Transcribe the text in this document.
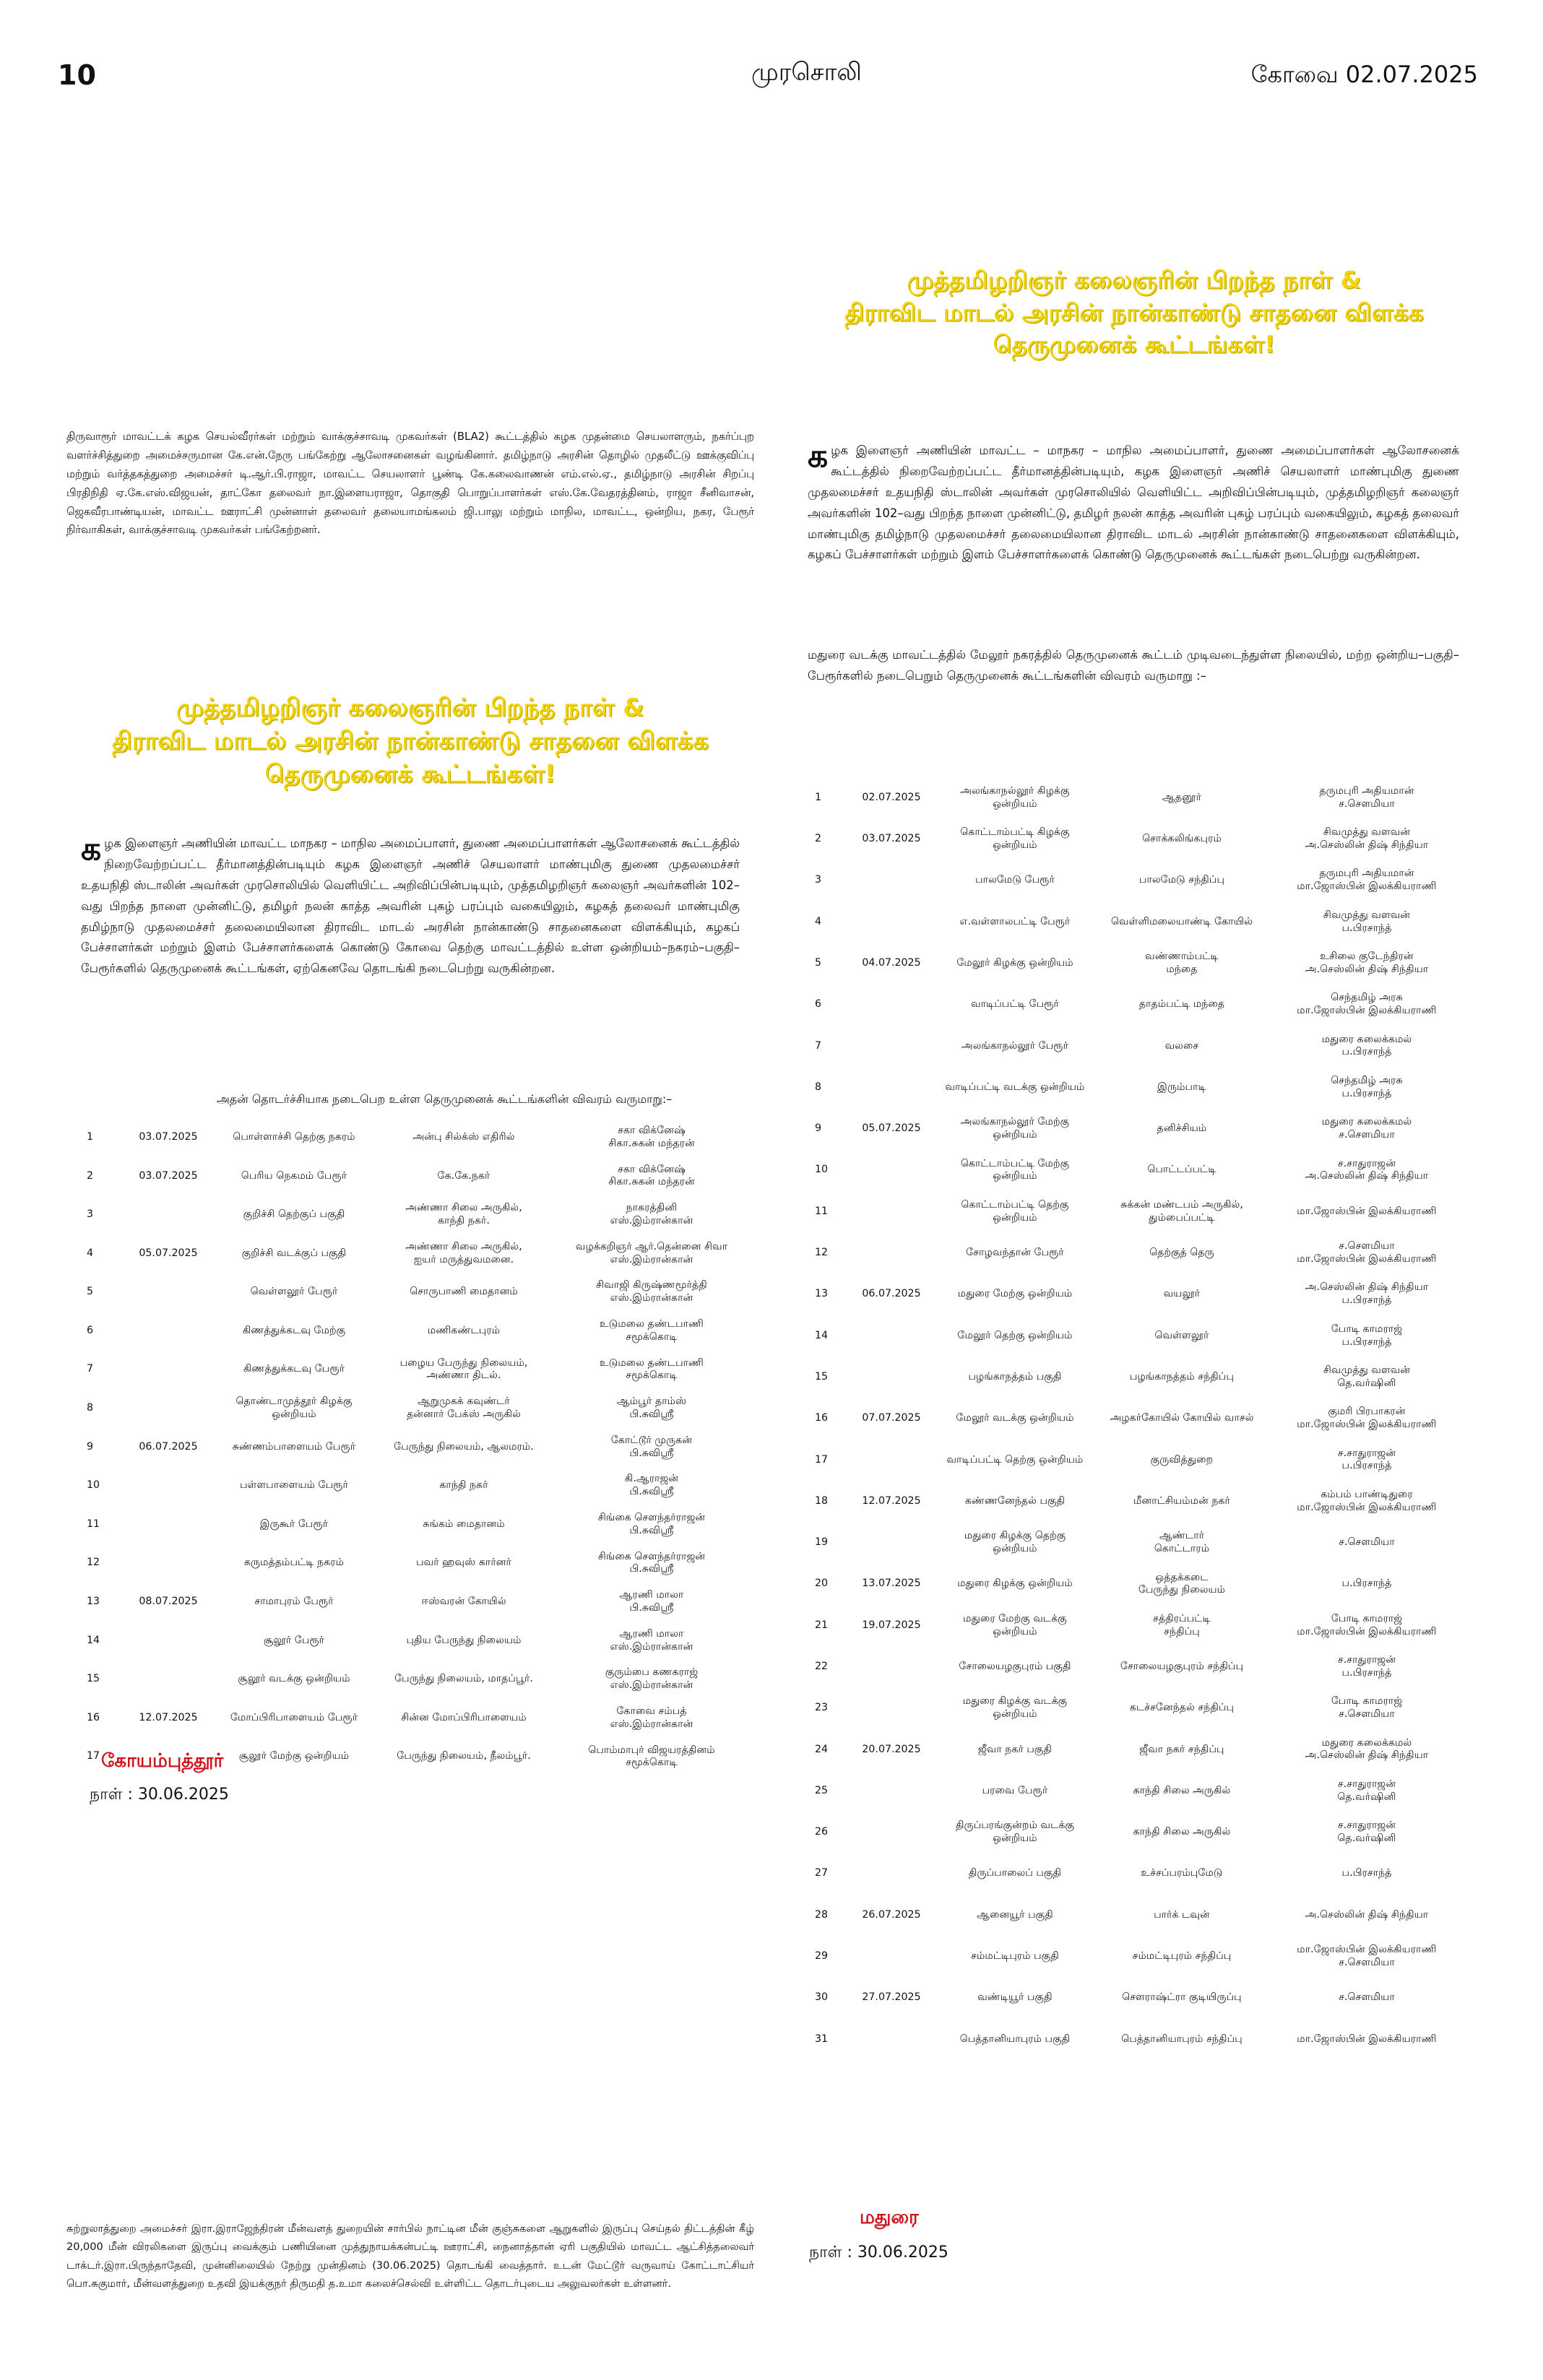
10	முரசொலி	கோவை 02.07.2025
முத்தமிழறிஞர் கலைஞரின் பிறந்த நாள் &
திராவிட மாடல் அரசின் நான்காண்டு சாதனை விளக்க
தெருமுனைக் கூட்டங்கள்!
திருவாரூர் மாவட்டக் கழக செயல்வீரர்கள் மற்றும் வாக்குச்சாவடி முகவர்கள் (BLA2) கூட்டத்தில் கழக முதன்மை செயலாளரும், நகர்ப்புற வளர்ச்சித்துறை அமைச்சருமான கே.என்.நேரு பங்கேற்று ஆலோசனைகள் வழங்கினார். தமிழ்நாடு அரசின் தொழில் முதலீட்டு ஊக்குவிப்பு மற்றும் வர்த்தகத்துறை அமைச்சர் டி.ஆர்.பி.ராஜா, மாவட்ட செயலாளர் பூண்டி கே.கலைவாணன் எம்.எல்.ஏ., தமிழ்நாடு அரசின் சிறப்பு பிரதிநிதி ஏ.கே.எஸ்.விஜயன், தாட்கோ தலைவர் நா.இளையராஜா, தொகுதி பொறுப்பாளர்கள் எஸ்.கே.வேதரத்தினம், ராஜா சீனிவாசன், ஜெகவீரபாண்டியன், மாவட்ட ஊராட்சி முன்னாள் தலைவர் தலையாமங்கலம் ஜி.பாலு மற்றும் மாநில, மாவட்ட, ஒன்றிய, நகர, பேரூர் நிர்வாகிகள், வாக்குச்சாவடி முகவர்கள் பங்கேற்றனர்.
முத்தமிழறிஞர் கலைஞரின் பிறந்த நாள் &
திராவிட மாடல் அரசின் நான்காண்டு சாதனை விளக்க
தெருமுனைக் கூட்டங்கள்!
க ழக இளைஞர் அணியின் மாவட்ட மாநகர – மாநில அமைப்பாளர், துணை அமைப்பாளர்கள் ஆலோசனைக் கூட்டத்தில் நிறைவேற்றப்பட்ட தீர்மானத்தின்படியும் கழக இளைஞர் அணிச் செயலாளர் மாண்புமிகு துணை முதலமைச்சர் உதயநிதி ஸ்டாலின் அவர்கள் முரசொலியில் வெளியிட்ட அறிவிப்பின்படியும், முத்தமிழறிஞர் கலைஞர் அவர்களின் 102–வது பிறந்த நாளை முன்னிட்டு, தமிழர் நலன் காத்த அவரின் புகழ் பரப்பும் வகையிலும், கழகத் தலைவர் மாண்புமிகு தமிழ்நாடு முதலமைச்சர் தலைமையிலான திராவிட மாடல் அரசின் நான்காண்டு சாதனைகளை விளக்கியும், கழகப் பேச்சாளர்கள் மற்றும் இளம் பேச்சாளர்களைக் கொண்டு கோவை தெற்கு மாவட்டத்தில் உள்ள ஒன்றியம்–நகரம்–பகுதி–பேரூர்களில் தெருமுனைக் கூட்டங்கள், ஏற்கெனவே தொடங்கி நடைபெற்று வருகின்றன.
அதன் தொடர்ச்சியாக நடைபெற உள்ள தெருமுனைக் கூட்டங்களின் விவரம் வருமாறு:–
1	03.07.2025	பொள்ளாச்சி தெற்கு நகரம்	அன்பு சில்க்ஸ் எதிரில்	சகா விக்னேஷ்
சிகா.சுகன் மந்தரன்
2	03.07.2025	பெரிய நெகமம் பேரூர்	கே.கே.நகர்	சகா விக்னேஷ்
சிகா.சுகன் மந்தரன்
3		குறிச்சி தெற்குப் பகுதி	அண்ணா சிலை அருகில்,
காந்தி நகர்.	நாகரத்தினி
எஸ்.இம்ரான்கான்
4	05.07.2025	குறிச்சி வடக்குப் பகுதி	அண்ணா சிலை அருகில்,
ஐயர் மருத்துவமனை.	வழக்கறிஞர் ஆர்.தென்னை சிவா
எஸ்.இம்ரான்கான்
5		வெள்ளலூர் பேரூர்	சொருபாணி மைதானம்	சிவாஜி கிருஷ்ணமூர்த்தி
எஸ்.இம்ரான்கான்
6		கிணத்துக்கடவு மேற்கு	மணிகண்டபுரம்	உடுமலை தண்டபாணி
சமூக்கொடி
7		கிணத்துக்கடவு பேரூர்	பழைய பேருந்து நிலையம்,
அண்ணா திடல்.	உடுமலை தண்டபாணி
சமூக்கொடி
8		தொண்டாமுத்தூர் கிழக்கு
ஒன்றியம்	ஆறுமுகக் கவுண்டர்
தன்னார் பேக்ஸ் அருகில்	ஆம்பூர் தாம்ஸ்
பி.சுவிஸ்ரீ
9	06.07.2025	சுண்ணம்பாளையம் பேரூர்	பேருந்து நிலையம், ஆலமரம்.	கோட்டூர் முருகன்
பி.சுவிஸ்ரீ
10		பள்ளபாளையம் பேரூர்	காந்தி நகர்	கி.ஆராஜன்
பி.சுவிஸ்ரீ
11		இருகூர் பேரூர்	சுங்கம் மைதானம்	சிங்கை சௌந்தர்ராஜன்
பி.சுவிஸ்ரீ
12		கருமத்தம்பட்டி நகரம்	பவர் ஹவுஸ் கார்னர்	சிங்கை சௌந்தர்ராஜன்
பி.சுவிஸ்ரீ
13	08.07.2025	சாமாபுரம் பேரூர்	ஈஸ்வரன் கோயில்	ஆரணி மாலா
பி.சுவிஸ்ரீ
14		சூலூர் பேரூர்	புதிய பேருந்து நிலையம்	ஆரணி மாலா
எஸ்.இம்ரான்கான்
15		சூலூர் வடக்கு ஒன்றியம்	பேருந்து நிலையம், மாதப்பூர்.	குரும்பை கணகராஜ்
எஸ்.இம்ரான்கான்
16	12.07.2025	மோப்பிரிபாளையம் பேரூர்	சின்ன மோப்பிரிபாளையம்	கோவை சம்பத்
எஸ்.இம்ரான்கான்
17		சூலூர் மேற்கு ஒன்றியம்	பேருந்து நிலையம், நீலம்பூர்.	பொம்மாபுர் விஜயரத்தினம்
சமூக்கொடி
கோயம்புத்தூர்
நாள் : 30.06.2025
க ழக இளைஞர் அணியின் மாவட்ட – மாநகர – மாநில அமைப்பாளர், துணை அமைப்பாளர்கள் ஆலோசனைக் கூட்டத்தில் நிறைவேற்றப்பட்ட தீர்மானத்தின்படியும், கழக இளைஞர் அணிச் செயலாளர் மாண்புமிகு துணை முதலமைச்சர் உதயநிதி ஸ்டாலின் அவர்கள் முரசொலியில் வெளியிட்ட அறிவிப்பின்படியும், முத்தமிழறிஞர் கலைஞர் அவர்களின் 102–வது பிறந்த நாளை முன்னிட்டு, தமிழர் நலன் காத்த அவரின் புகழ் பரப்பும் வகையிலும், கழகத் தலைவர் மாண்புமிகு தமிழ்நாடு முதலமைச்சர் தலைமையிலான திராவிட மாடல் அரசின் நான்காண்டு சாதனைகளை விளக்கியும், கழகப் பேச்சாளர்கள் மற்றும் இளம் பேச்சாளர்களைக் கொண்டு தெருமுனைக் கூட்டங்கள் நடைபெற்று வருகின்றன.
மதுரை வடக்கு மாவட்டத்தில் மேலூர் நகரத்தில் தெருமுனைக் கூட்டம் முடிவடைந்துள்ள நிலையில், மற்ற ஒன்றிய–பகுதி–பேரூர்களில் நடைபெறும் தெருமுனைக் கூட்டங்களின் விவரம் வருமாறு :–
1	02.07.2025	அலங்காநல்லூர் கிழக்கு
ஒன்றியம்	ஆதனூர்	தருமபுரி அதியமான்
ச.சௌமியா
2	03.07.2025	கொட்டாம்பட்டி கிழக்கு
ஒன்றியம்	சொக்கலிங்கபுரம்	சிவமுத்து வளவன்
அ.செஸ்லின் திஷ் சிந்தியா
3		பாலமேடு பேரூர்	பாலமேடு சந்திப்பு	தருமபுரி அதியமான்
மா.ஜோஸ்பின் இலக்கியராணி
4		எ.வள்ளாலபட்டி பேரூர்	வெள்ளிமலையாண்டி கோயில்	சிவமுத்து வளவன்
ப.பிரசாந்த்
5	04.07.2025	மேலூர் கிழக்கு ஒன்றியம்	வண்ணாம்பட்டி
மந்தை	உசிலை குடேந்திரன்
அ.செஸ்லின் திஷ் சிந்தியா
6		வாடிப்பட்டி பேரூர்	தாதம்பட்டி மந்தை	செந்தமிழ் அரசு
மா.ஜோஸ்பின் இலக்கியராணி
7		அலங்காநல்லூர் பேரூர்	வலசை	மதுரை கலைக்கமல்
ப.பிரசாந்த்
8		வாடிப்பட்டி வடக்கு ஒன்றியம்	இரும்பாடி	செந்தமிழ் அரசு
ப.பிரசாந்த்
9	05.07.2025	அலங்காநல்லூர் மேற்கு
ஒன்றியம்	தனிச்சியம்	மதுரை கலைக்கமல்
ச.சௌமியா
10		கொட்டாம்பட்டி மேற்கு
ஒன்றியம்	பொட்டப்பட்டி	ச.சாதுராஜன்
அ.செஸ்லின் திஷ் சிந்தியா
11		கொட்டாம்பட்டி தெற்கு
ஒன்றியம்	சுக்கன் மண்டபம் அருகில்,
தும்பைப்பட்டி	மா.ஜோஸ்பின் இலக்கியராணி
12		சோழவந்தான் பேரூர்	தெற்குத் தெரு	ச.சௌமியா
மா.ஜோஸ்பின் இலக்கியராணி
13	06.07.2025	மதுரை மேற்கு ஒன்றியம்	வயலூர்	அ.செஸ்லின் திஷ் சிந்தியா
ப.பிரசாந்த்
14		மேலூர் தெற்கு ஒன்றியம்	வெள்ளலூர்	போடி காமராஜ்
ப.பிரசாந்த்
15		பழங்காநத்தம் பகுதி	பழங்காநத்தம் சந்திப்பு	சிவமுத்து வளவன்
தெ.வர்ஷினி
16	07.07.2025	மேலூர் வடக்கு ஒன்றியம்	அழகர்கோயில் கோயில் வாசல்	குமரி பிரபாகரன்
மா.ஜோஸ்பின் இலக்கியராணி
17		வாடிப்பட்டி தெற்கு ஒன்றியம்	குருவித்துறை	ச.சாதுராஜன்
ப.பிரசாந்த்
18	12.07.2025	கண்ணனேந்தல் பகுதி	மீனாட்சியம்மன் நகர்	கம்பம் பாண்டிதுரை
மா.ஜோஸ்பின் இலக்கியராணி
19		மதுரை கிழக்கு தெற்கு
ஒன்றியம்	ஆண்டார்
கொட்டாரம்	ச.சௌமியா
20	13.07.2025	மதுரை கிழக்கு ஒன்றியம்	ஒத்தக்கடை
பேருந்து நிலையம்	ப.பிரசாந்த்
21	19.07.2025	மதுரை மேற்கு வடக்கு
ஒன்றியம்	சத்திரப்பட்டி
சந்திப்பு	போடி காமராஜ்
மா.ஜோஸ்பின் இலக்கியராணி
22		சோலையழகுபுரம் பகுதி	சோலையழகுபுரம் சந்திப்பு	ச.சாதுராஜன்
ப.பிரசாந்த்
23		மதுரை கிழக்கு வடக்கு
ஒன்றியம்	கடச்சனேந்தல் சந்திப்பு	போடி காமராஜ்
ச.சௌமியா
24	20.07.2025	ஜீவா நகர் பகுதி	ஜீவா நகர் சந்திப்பு	மதுரை கலைக்கமல்
அ.செஸ்லின் திஷ் சிந்தியா
25		பரவை பேரூர்	காந்தி சிலை அருகில்	ச.சாதுராஜன்
தெ.வர்ஷினி
26		திருப்பரங்குன்றம் வடக்கு
ஒன்றியம்	காந்தி சிலை அருகில்	ச.சாதுராஜன்
தெ.வர்ஷினி
27		திருப்பாலைப் பகுதி	உச்சப்பரம்புமேடு	ப.பிரசாந்த்
28	26.07.2025	ஆனையூர் பகுதி	பார்க் டவுன்	அ.செஸ்லின் திஷ் சிந்தியா
29		சம்மட்டிபுரம் பகுதி	சம்மட்டிபுரம் சந்திப்பு	மா.ஜோஸ்பின் இலக்கியராணி
ச.சௌமியா
30	27.07.2025	வண்டியூர் பகுதி	சௌராஷ்ட்ரா குடியிருப்பு	ச.சௌமியா
31		பெத்தானியாபுரம் பகுதி	பெத்தானியாபுரம் சந்திப்பு	மா.ஜோஸ்பின் இலக்கியராணி
சுற்றுலாத்துறை அமைச்சர் இரா.இராஜேந்திரன் மீன்வளத் துறையின் சார்பில் நாட்டின மீன் குஞ்சுகளை ஆறுகளில் இருப்பு செய்தல் திட்டத்தின் கீழ் 20,000 மீன் விரலிகளை இருப்பு வைக்கும் பணியினை முத்துநாயக்கன்பட்டி ஊராட்சி, நைனாத்தான் ஏரி பகுதியில் மாவட்ட ஆட்சித்தலைவர் டாக்டர்.இரா.பிருந்தாதேவி, முன்னிலையில் நேற்று முன்தினம் (30.06.2025) தொடங்கி வைத்தார். உடன் மேட்டூர் வருவாய் கோட்டாட்சியர் பொ.சுகுமார், மீன்வளத்துறை உதவி இயக்குநர் திருமதி த.உமா கலைச்செல்வி உள்ளிட்ட தொடர்புடைய அலுவலர்கள் உள்ளனர்.
மதுரை
நாள் : 30.06.2025
